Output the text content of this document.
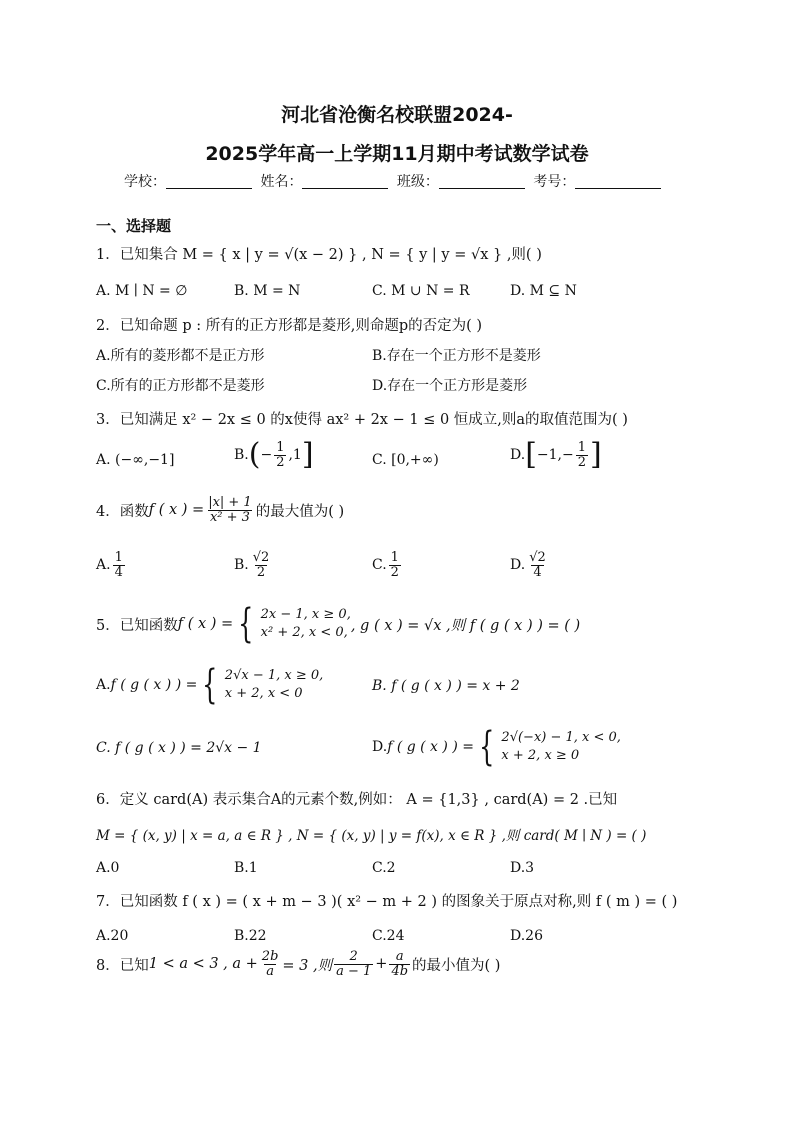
河北省沧衡名校联盟2024-
2025学年高一上学期11月期中考试数学试卷
学校：	姓名：	班级：	考号：
一、选择题
1．已知集合 M = { x | y = √(x − 2) } , N = { y | y = √x } ,则( )
A. M ∣ N = ∅	B. M = N	C. M ∪ N = R	D. M ⊆ N
2．已知命题 p : 所有的正方形都是菱形,则命题p的否定为( )
A.所有的菱形都不是正方形	B.存在一个正方形不是菱形
C.所有的正方形都不是菱形	D.存在一个正方形是菱形
3．已知满足 x² − 2x ≤ 0 的x使得 ax² + 2x − 1 ≤ 0 恒成立,则a的取值范围为( )
A. (−∞,−1]	B. ( − $\frac{1}{2} ,1$ ]	C. [0,+∞)	D. [ $-1,- \frac{1}{2}$ ]
4．函数 f ( x ) = $\frac{|x| + 1}{\text{x² + 3}}$ 的最大值为( )
A. $\frac{1}{4}$	B. $\frac{√2}{2}$	C. $\frac{1}{2}$	D. $\frac{√2}{4}$
5．已知函数 f ( x ) = { 2x − 1, x ≥ 0,
x² + 2, x < 0, , g ( x ) = √x ,则 f ( g ( x ) ) = ( )
A. f ( g ( x ) ) = { 2√x − 1, x ≥ 0,
x + 2, x < 0	B. f ( g ( x ) ) = x + 2
C. f ( g ( x ) ) = 2√x − 1	D. f ( g ( x ) ) = { 2√(−x) − 1, x < 0,
x + 2, x ≥ 0
6．定义 card(A) 表示集合A的元素个数,例如： A = {1,3} , card(A) = 2 .已知
M = { (x, y) | x = a, a ∈ R } , N = { (x, y) | y = f(x), x ∈ R } ,则 card( M ∣ N ) = ( )
A.0	B.1	C.2	D.3
7．已知函数 f ( x ) = ( x + m − 3 )( x² − m + 2 ) 的图象关于原点对称,则 f ( m ) = ( )
A.20	B.22	C.24	D.26
8．已知 1 < a < 3 , $a + \frac{2b}{a} = 3$ ,则 $\frac{2}{a - 1} + \frac{a}{4b}$ 的最小值为( )
